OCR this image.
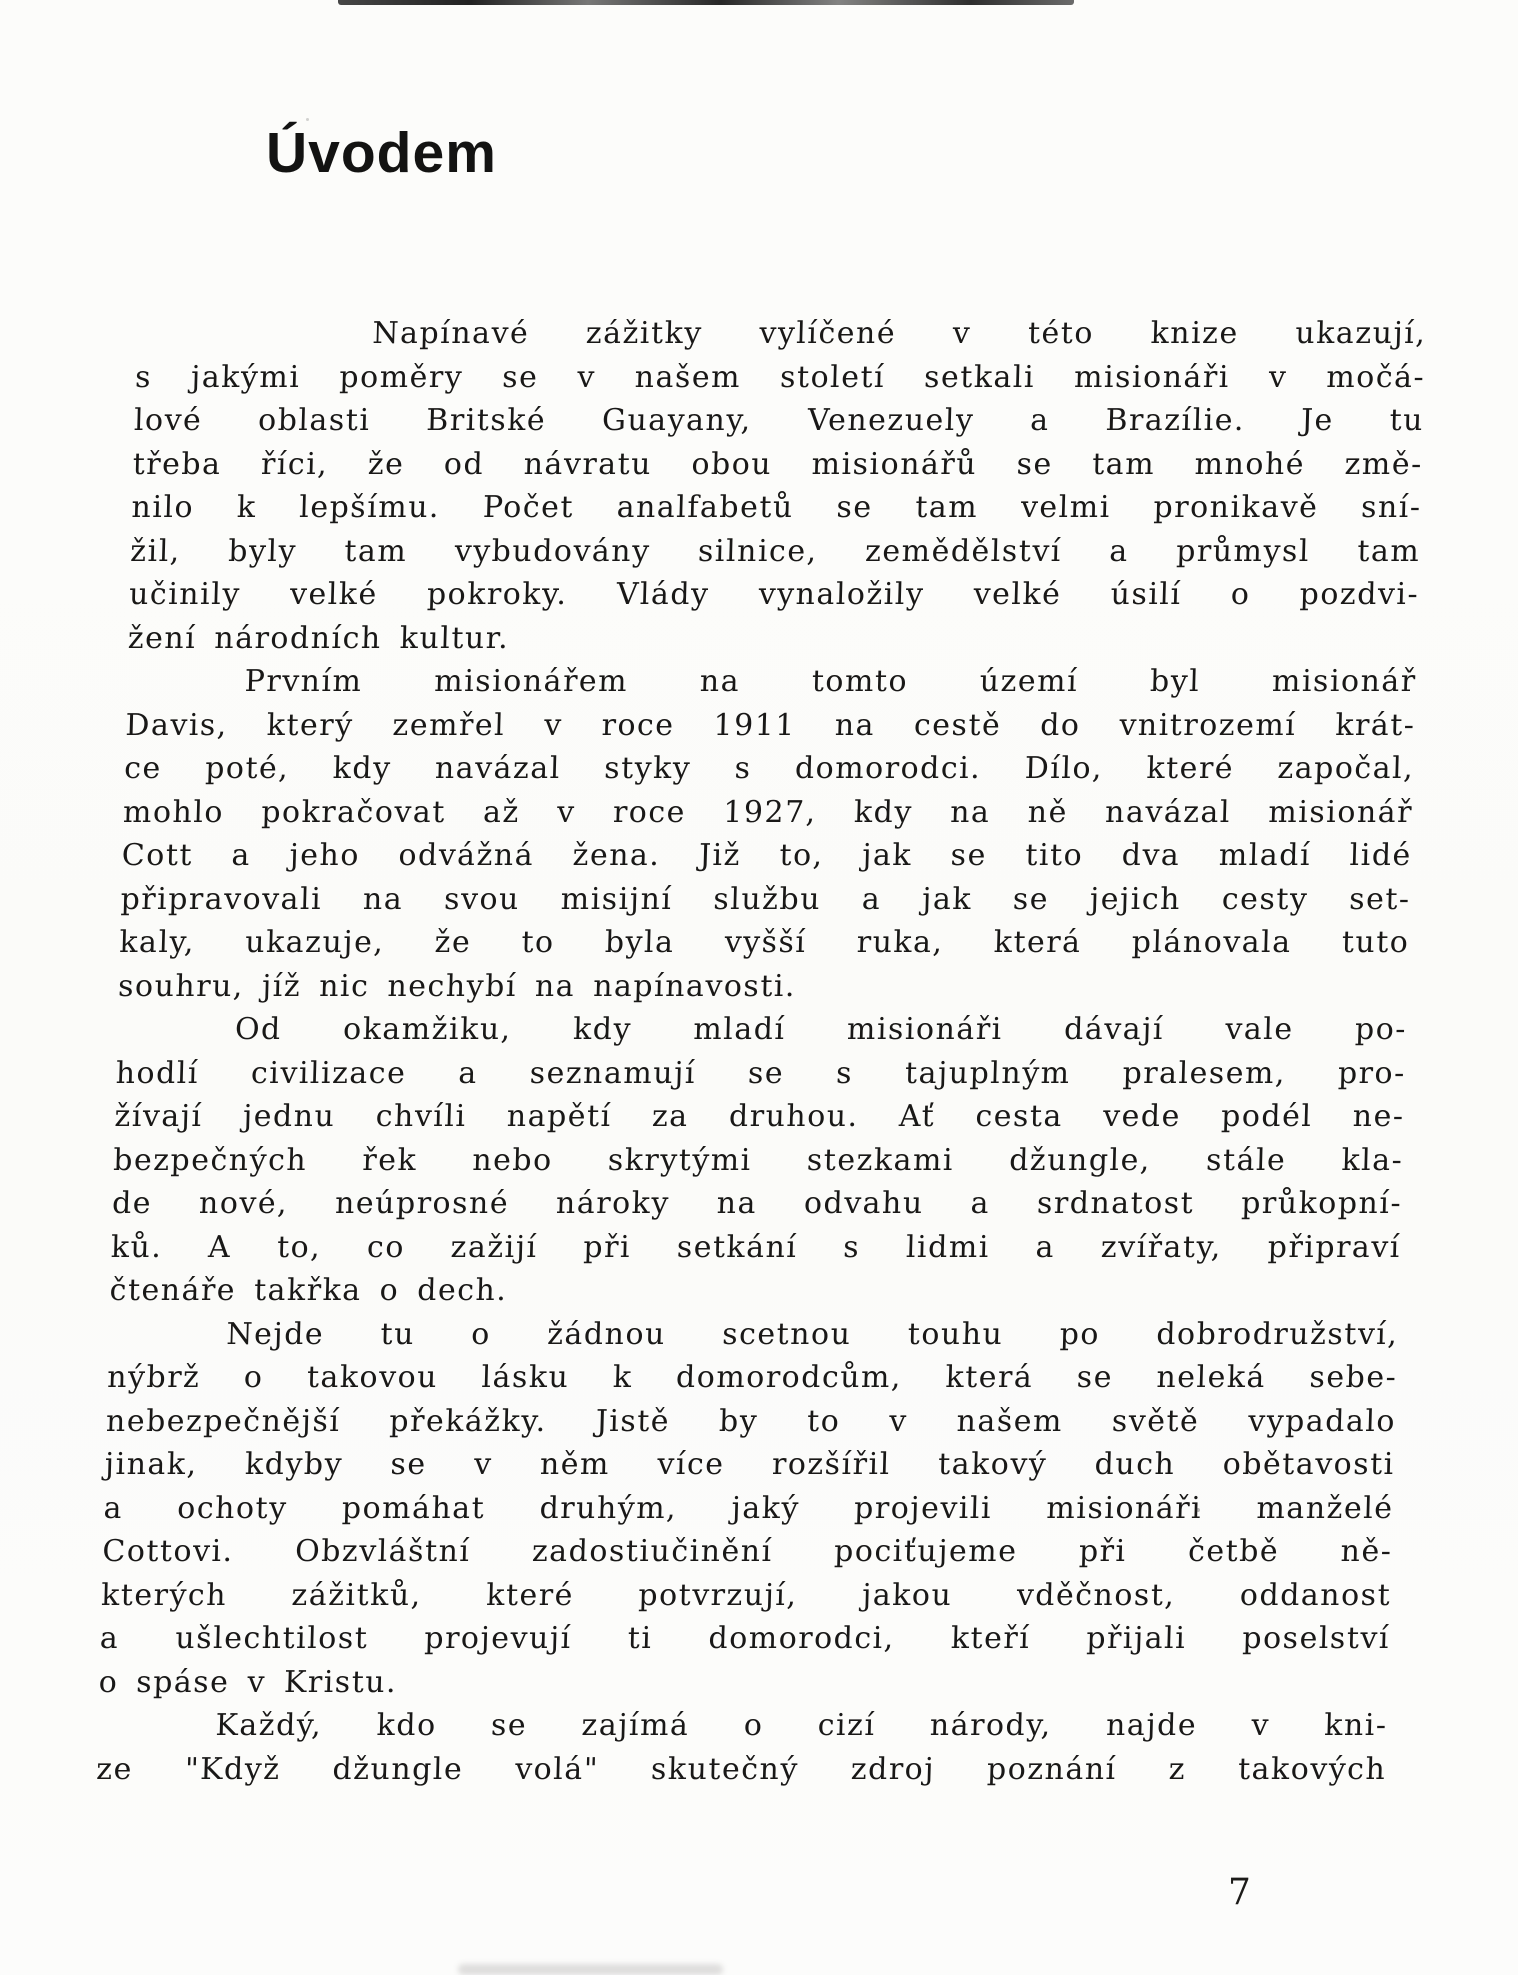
Úvodem
Napínavé zážitky vylíčené v této knize ukazují,
s jakými poměry se v našem století setkali misionáři v močá-
lové oblasti Britské Guayany, Venezuely a Brazílie. Je tu
třeba říci, že od návratu obou misionářů se tam mnohé změ-
nilo k lepšímu. Počet analfabetů se tam velmi pronikavě sní-
žil, byly tam vybudovány silnice, zemědělství a průmysl tam
učinily velké pokroky. Vlády vynaložily velké úsilí o pozdvi-
žení národních kultur.
Prvním misionářem na tomto území byl misionář
Davis, který zemřel v roce 1911 na cestě do vnitrozemí krát-
ce poté, kdy navázal styky s domorodci. Dílo, které započal,
mohlo pokračovat až v roce 1927, kdy na ně navázal misionář
Cott a jeho odvážná žena. Již to, jak se tito dva mladí lidé
připravovali na svou misijní službu a jak se jejich cesty set-
kaly, ukazuje, že to byla vyšší ruka, která plánovala tuto
souhru, jíž nic nechybí na napínavosti.
Od okamžiku, kdy mladí misionáři dávají vale po-
hodlí civilizace a seznamují se s tajuplným pralesem, pro-
žívají jednu chvíli napětí za druhou. Ať cesta vede podél ne-
bezpečných řek nebo skrytými stezkami džungle, stále kla-
de nové, neúprosné nároky na odvahu a srdnatost průkopní-
ků. A to, co zažijí při setkání s lidmi a zvířaty, připraví
čtenáře takřka o dech.
Nejde tu o žádnou scetnou touhu po dobrodružství,
nýbrž o takovou lásku k domorodcům, která se neleká sebe-
nebezpečnější překážky. Jistě by to v našem světě vypadalo
jinak, kdyby se v něm více rozšířil takový duch obětavosti
a ochoty pomáhat druhým, jaký projevili misionáři manželé
Cottovi. Obzvláštní zadostiučinění pociťujeme při četbě ně-
kterých zážitků, které potvrzují, jakou vděčnost, oddanost
a ušlechtilost projevují ti domorodci, kteří přijali poselství
o spáse v Kristu.
Každý, kdo se zajímá o cizí národy, najde v kni-
ze "Když džungle volá" skutečný zdroj poznání z takových
7
